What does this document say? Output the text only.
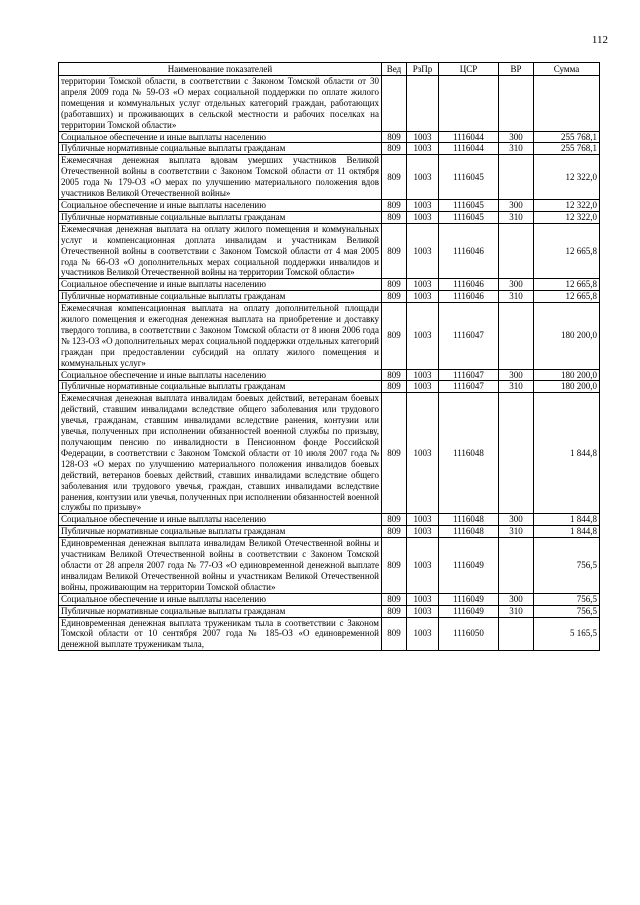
112
Наименование показателей	Вед	РзПр	ЦСР	ВР	Сумма
территории Томской области, в соответствии с Законом Томской области от 30 апреля 2009 года № 59-ОЗ «О мерах социальной поддержки по оплате жилого помещения и коммунальных услуг отдельных категорий граждан, работающих (работавших) и проживающих в сельской местности и рабочих поселках на территории Томской области»					
Социальное обеспечение и иные выплаты населению	809	1003	1116044	300	255 768,1
Публичные нормативные социальные выплаты гражданам	809	1003	1116044	310	255 768,1
Ежемесячная денежная выплата вдовам умерших участников Великой Отечественной войны в соответствии с Законом Томской области от 11 октября 2005 года № 179-ОЗ «О мерах по улучшению материального положения вдов участников Великой Отечественной войны»	809	1003	1116045		12 322,0
Социальное обеспечение и иные выплаты населению	809	1003	1116045	300	12 322,0
Публичные нормативные социальные выплаты гражданам	809	1003	1116045	310	12 322,0
Ежемесячная денежная выплата на оплату жилого помещения и коммунальных услуг и компенсационная доплата инвалидам и участникам Великой Отечественной войны в соответствии с Законом Томской области от 4 мая 2005 года № 66-ОЗ «О дополнительных мерах социальной поддержки инвалидов и участников Великой Отечественной войны на территории Томской области»	809	1003	1116046		12 665,8
Социальное обеспечение и иные выплаты населению	809	1003	1116046	300	12 665,8
Публичные нормативные социальные выплаты гражданам	809	1003	1116046	310	12 665,8
Ежемесячная компенсационная выплата на оплату дополнительной площади жилого помещения и ежегодная денежная выплата на приобретение и доставку твердого топлива, в соответствии с Законом Томской области от 8 июня 2006 года № 123-ОЗ «О дополнительных мерах социальной поддержки отдельных категорий граждан при предоставлении субсидий на оплату жилого помещения и коммунальных услуг»	809	1003	1116047		180 200,0
Социальное обеспечение и иные выплаты населению	809	1003	1116047	300	180 200,0
Публичные нормативные социальные выплаты гражданам	809	1003	1116047	310	180 200,0
Ежемесячная денежная выплата инвалидам боевых действий, ветеранам боевых действий, ставшим инвалидами вследствие общего заболевания или трудового увечья, гражданам, ставшим инвалидами вследствие ранения, контузии или увечья, полученных при исполнении обязанностей военной службы по призыву, получающим пенсию по инвалидности в Пенсионном фонде Российской Федерации, в соответствии с Законом Томской области от 10 июля 2007 года № 128-ОЗ «О мерах по улучшению материального положения инвалидов боевых действий, ветеранов боевых действий, ставших инвалидами вследствие общего заболевания или трудового увечья, граждан, ставших инвалидами вследствие ранения, контузии или увечья, полученных при исполнении обязанностей военной службы по призыву»	809	1003	1116048		1 844,8
Социальное обеспечение и иные выплаты населению	809	1003	1116048	300	1 844,8
Публичные нормативные социальные выплаты гражданам	809	1003	1116048	310	1 844,8
Единовременная денежная выплата инвалидам Великой Отечественной войны и участникам Великой Отечественной войны в соответствии с Законом Томской области от 28 апреля 2007 года № 77-ОЗ «О единовременной денежной выплате инвалидам Великой Отечественной войны и участникам Великой Отечественной войны, проживающим на территории Томской области»	809	1003	1116049		756,5
Социальное обеспечение и иные выплаты населению	809	1003	1116049	300	756,5
Публичные нормативные социальные выплаты гражданам	809	1003	1116049	310	756,5
Единовременная денежная выплата труженикам тыла в соответствии с Законом Томской области от 10 сентября 2007 года № 185-ОЗ «О единовременной денежной выплате труженикам тыла,	809	1003	1116050		5 165,5
